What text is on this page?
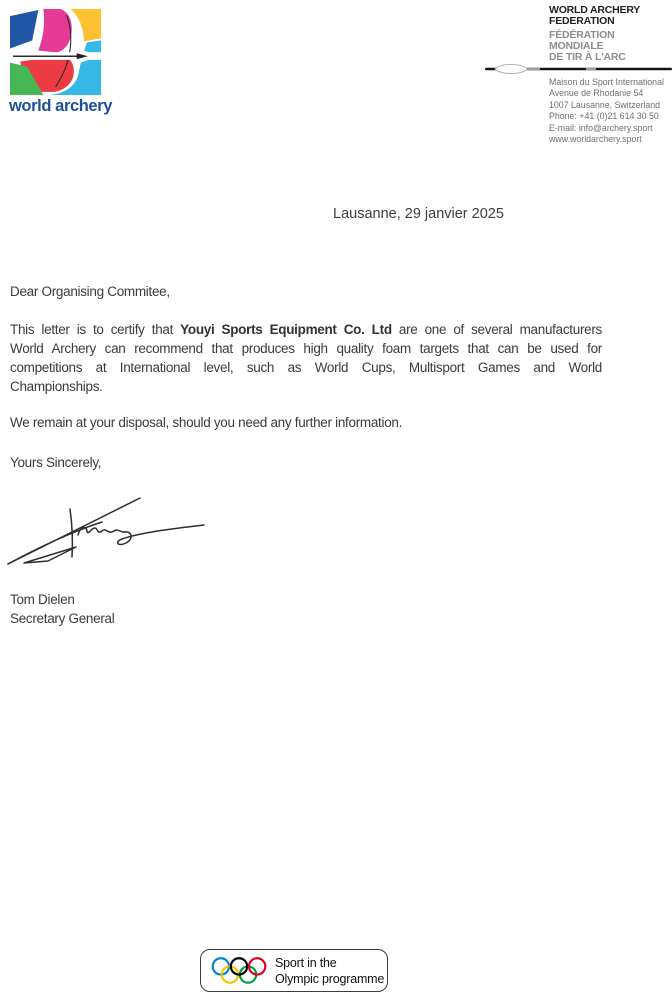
world archery
WORLD ARCHERY
FEDERATION
FÉDÉRATION
MONDIALE
DE TIR À L'ARC
Maison du Sport International
Avenue de Rhodanie 54
1007 Lausanne, Switzerland
Phone: +41 (0)21 614 30 50
E-mail: info@archery.sport
www.worldarchery.sport
Lausanne, 29 janvier 2025
Dear Organising Commitee,
This letter is to certify that Youyi Sports Equipment Co. Ltd are one of several manufacturers
World Archery can recommend that produces high quality foam targets that can be used for
competitions at International level, such as World Cups, Multisport Games and World
Championships.
We remain at your disposal, should you need any further information.
Yours Sincerely,
Tom Dielen
Secretary General
Sport in the
Olympic programme
